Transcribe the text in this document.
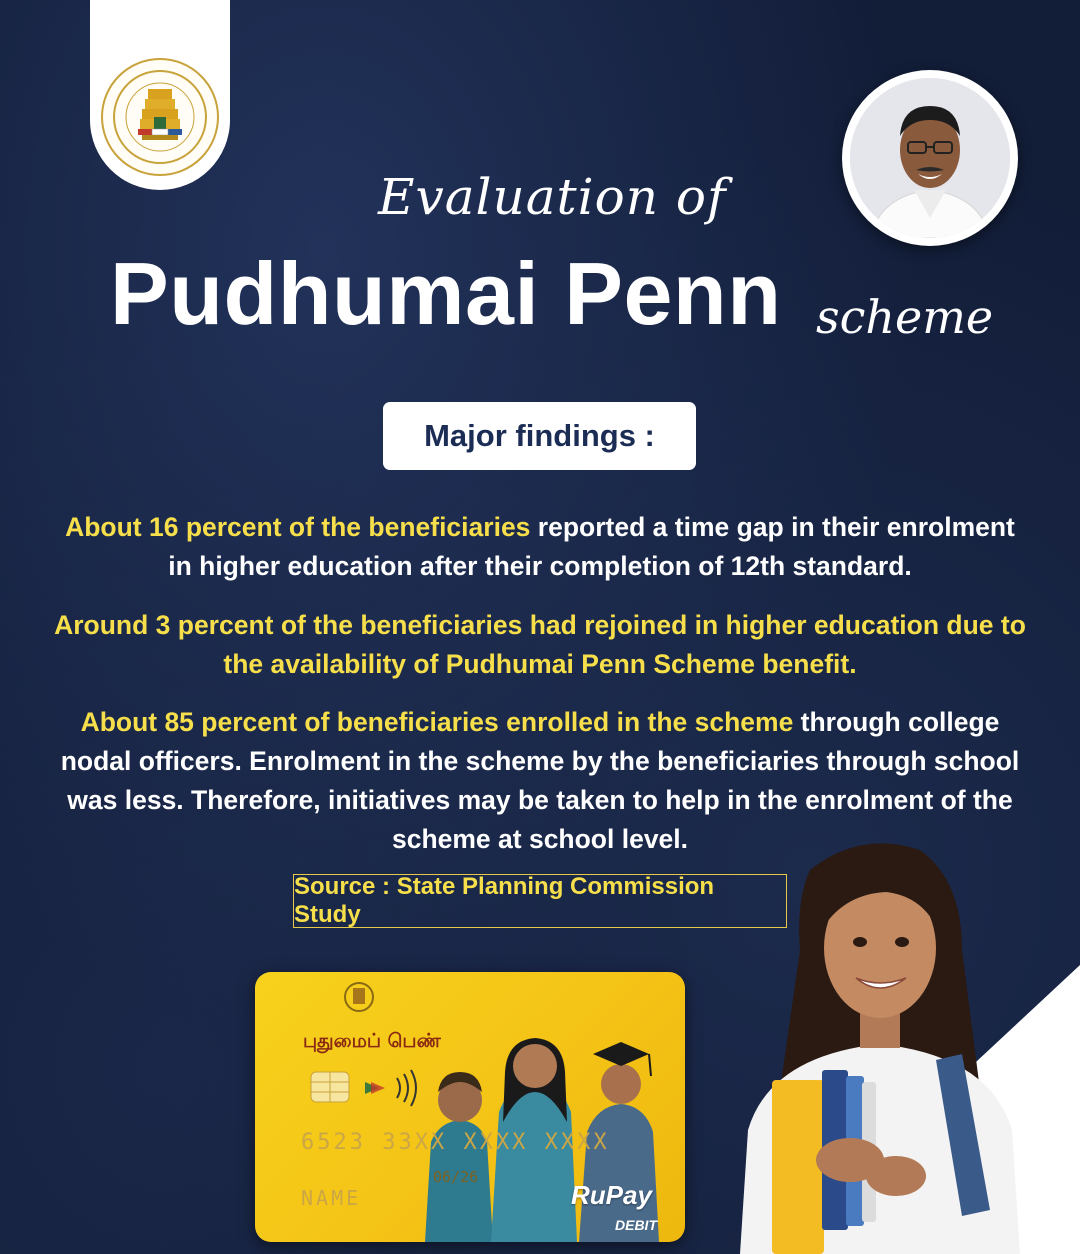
Evaluation of
Pudhumai Penn scheme
Major findings :

About 16 percent of the beneficiaries reported a time gap in their enrolment in higher education after their completion of 12th standard.

Around 3 percent of the beneficiaries had rejoined in higher education due to the availability of Pudhumai Penn Scheme benefit.

About 85 percent of beneficiaries enrolled in the scheme through college nodal officers. Enrolment in the scheme by the beneficiaries through school was less. Therefore, initiatives may be taken to help in the enrolment of the scheme at school level.

Source : State Planning Commission Study
புதுமைப் பெண்
6523 33XX XXXX XXXX
06/26
NAME	RuPay
DEBIT
